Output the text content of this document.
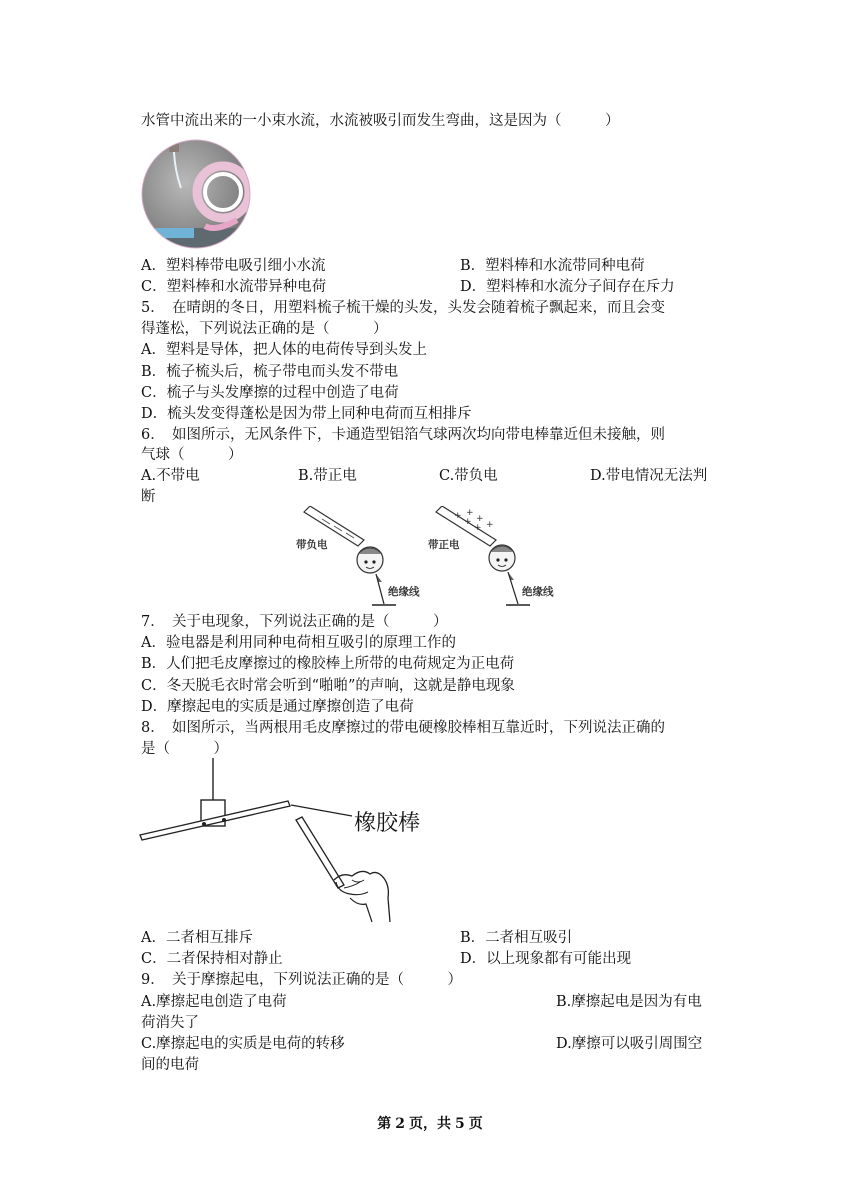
水管中流出来的一小束水流，水流被吸引而发生弯曲，这是因为（　　　）
A．塑料棒带电吸引细小水流	B．塑料棒和水流带同种电荷
C．塑料棒和水流带异种电荷	D．塑料棒和水流分子间存在斥力
5．　在晴朗的冬日，用塑料梳子梳干燥的头发，头发会随着梳子飘起来，而且会变
得蓬松，下列说法正确的是（　　　）
A．塑料是导体，把人体的电荷传导到头发上
B．梳子梳头后，梳子带电而头发不带电
C．梳子与头发摩擦的过程中创造了电荷
D．梳头发变得蓬松是因为带上同种电荷而互相排斥
6．　如图所示，无风条件下，卡通造型铝箔气球两次均向带电棒靠近但未接触，则
气球（　　　）
A.不带电	B.带正电	C.带负电	D.带电情况无法判
断
带负电
绝缘线
+
+
+
+
+
+
带正电
绝缘线
7．　关于电现象，下列说法正确的是（　　　）
A．验电器是利用同种电荷相互吸引的原理工作的
B．人们把毛皮摩擦过的橡胶棒上所带的电荷规定为正电荷
C．冬天脱毛衣时常会听到“啪啪”的声响，这就是静电现象
D．摩擦起电的实质是通过摩擦创造了电荷
8．　如图所示，当两根用毛皮摩擦过的带电硬橡胶棒相互靠近时，下列说法正确的
是（　　　）
橡胶棒
A．二者相互排斥	B．二者相互吸引
C．二者保持相对静止	D．以上现象都有可能出现
9．　关于摩擦起电，下列说法正确的是（　　　）
A.摩擦起电创造了电荷	B.摩擦起电是因为有电
荷消失了
C.摩擦起电的实质是电荷的转移	D.摩擦可以吸引周围空
间的电荷
第 2 页，共 5 页
